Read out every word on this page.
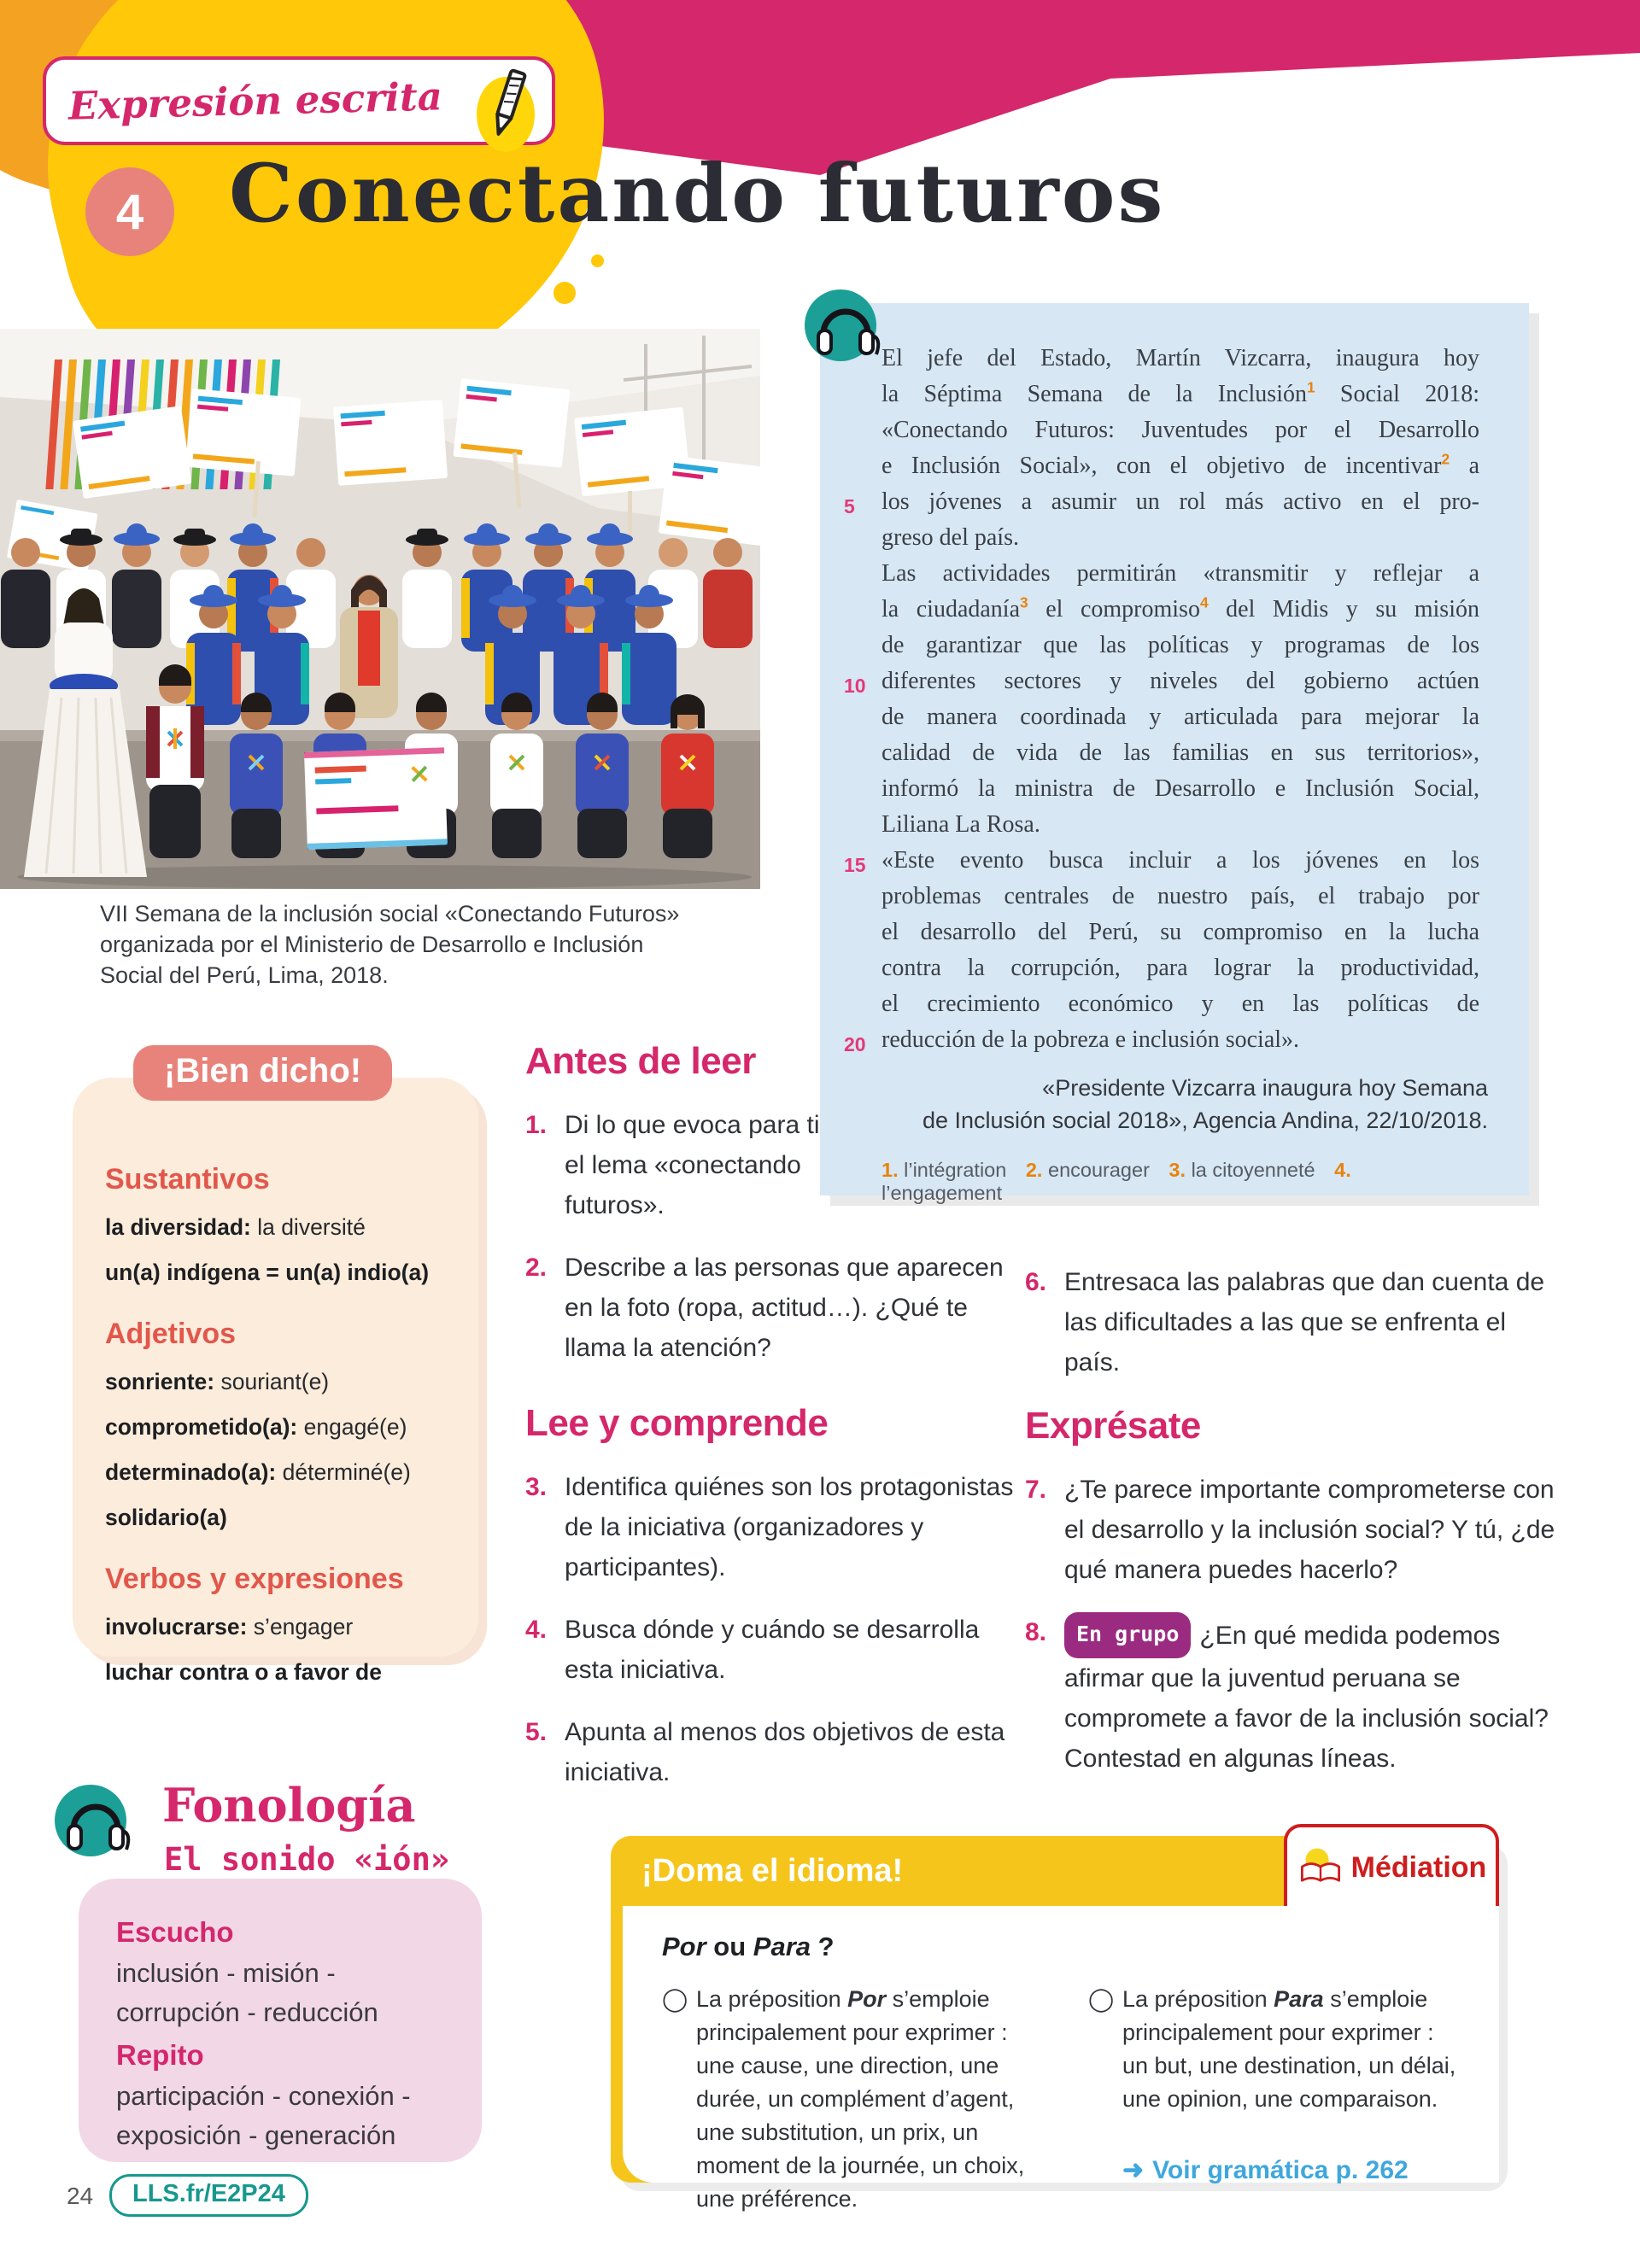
Expresión escrita
4	Conectando futuros

VII Semana de la inclusión social «Conectando Futuros» organizada por el Ministerio de Desarrollo e Inclusión Social del Perú, Lima, 2018.

El jefe del Estado, Martín Vizcarra, inaugura hoy
la Séptima Semana de la Inclusión$^1$ Social 2018:
«Conectando Futuros: Juventudes por el Desarrollo
e Inclusión Social», con el objetivo de incentivar$^2$ a
5 los jóvenes a asumir un rol más activo en el pro-
greso del país.
Las actividades permitirán «transmitir y reflejar a
la ciudadanía$^3$ el compromiso$^4$ del Midis y su misión
de garantizar que las políticas y programas de los
10 diferentes sectores y niveles del gobierno actúen
de manera coordinada y articulada para mejorar la
calidad de vida de las familias en sus territorios»,
informó la ministra de Desarrollo e Inclusión Social,
Liliana La Rosa.
15 «Este evento busca incluir a los jóvenes en los
problemas centrales de nuestro país, el trabajo por
el desarrollo del Perú, su compromiso en la lucha
contra la corrupción, para lograr la productividad,
el crecimiento económico y en las políticas de
20 reducción de la pobreza e inclusión social».
«Presidente Vizcarra inaugura hoy Semana
de Inclusión social 2018», Agencia Andina, 22/10/2018.
1. l’intégration 2. encourager 3. la citoyenneté 4. l’engagement
¡Bien dicho!
Sustantivos

la diversidad: la diversité

un(a) indígena = un(a) indio(a)

Adjetivos

sonriente: souriant(e)

comprometido(a): engagé(e)

determinado(a): déterminé(e)

solidario(a)

Verbos y expresiones

involucrarse: s’engager

luchar contra o a favor de

Antes de leer
1. Di lo que evoca para ti el lema «conectando futuros».
2. Describe a las personas que aparecen en la foto (ropa, actitud…). ¿Qué te llama la atención?
Lee y comprende
3. Identifica quiénes son los protagonistas de la iniciativa (organizadores y participantes).
4. Busca dónde y cuándo se desarrolla esta iniciativa.
5. Apunta al menos dos objetivos de esta iniciativa.
6. Entresaca las palabras que dan cuenta de las dificultades a las que se enfrenta el país.
Exprésate
7. ¿Te parece importante comprometerse con el desarrollo y la inclusión social? Y tú, ¿de qué manera puedes hacerlo?
8. En grupo ¿En qué medida podemos afirmar que la juventud peruana se compromete a favor de la inclusión social? Contestad en algunas líneas.
Fonología
El sonido «ión»
Escucho

inclusión - misión - corrupción - reducción

Repito

participación - conexión - exposición - generación

¡Doma el idioma!	Médiation
Por ou Para ?
◯ La préposition Por s’emploie principalement pour exprimer : une cause, une direction, une durée, un complément d’agent, une substitution, un prix, un moment de la journée, un choix, une préférence.
◯ La préposition Para s’emploie principalement pour exprimer : un but, une destination, un délai, une opinion, une comparaison.
➜ Voir gramática p. 262
24	LLS.fr/E2P24
